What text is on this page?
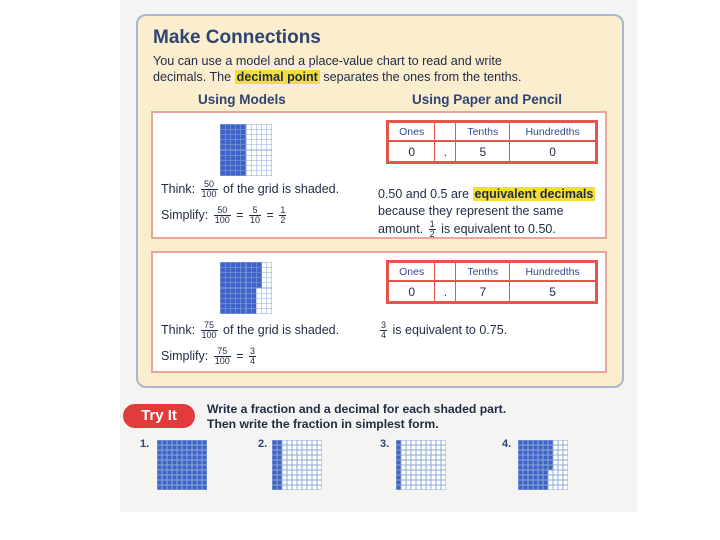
Make Connections
You can use a model and a place-value chart to read and write
decimals. The decimal point separates the ones from the tenths.
Using Models	Using Paper and Pencil
Think: $\frac{50}{100}$ of the grid is shaded.
Simplify: $\frac{50}{100} = \frac{5}{10} = \frac{1}{2}$
Ones		Tenths	Hundredths
0	.	5	0
0.50 and 0.5 are equivalent decimals
because they represent the same
amount. $\frac{1}{2}$ is equivalent to 0.50.
Think: $\frac{75}{100}$ of the grid is shaded.
Simplify: $\frac{75}{100} = \frac{3}{4}$
Ones		Tenths	Hundredths
0	.	7	5
$\frac{3}{4}$ is equivalent to 0.75.
Try It	Write a fraction and a decimal for each shaded part.
Then write the fraction in simplest form.
1.	2.	3.	4.
